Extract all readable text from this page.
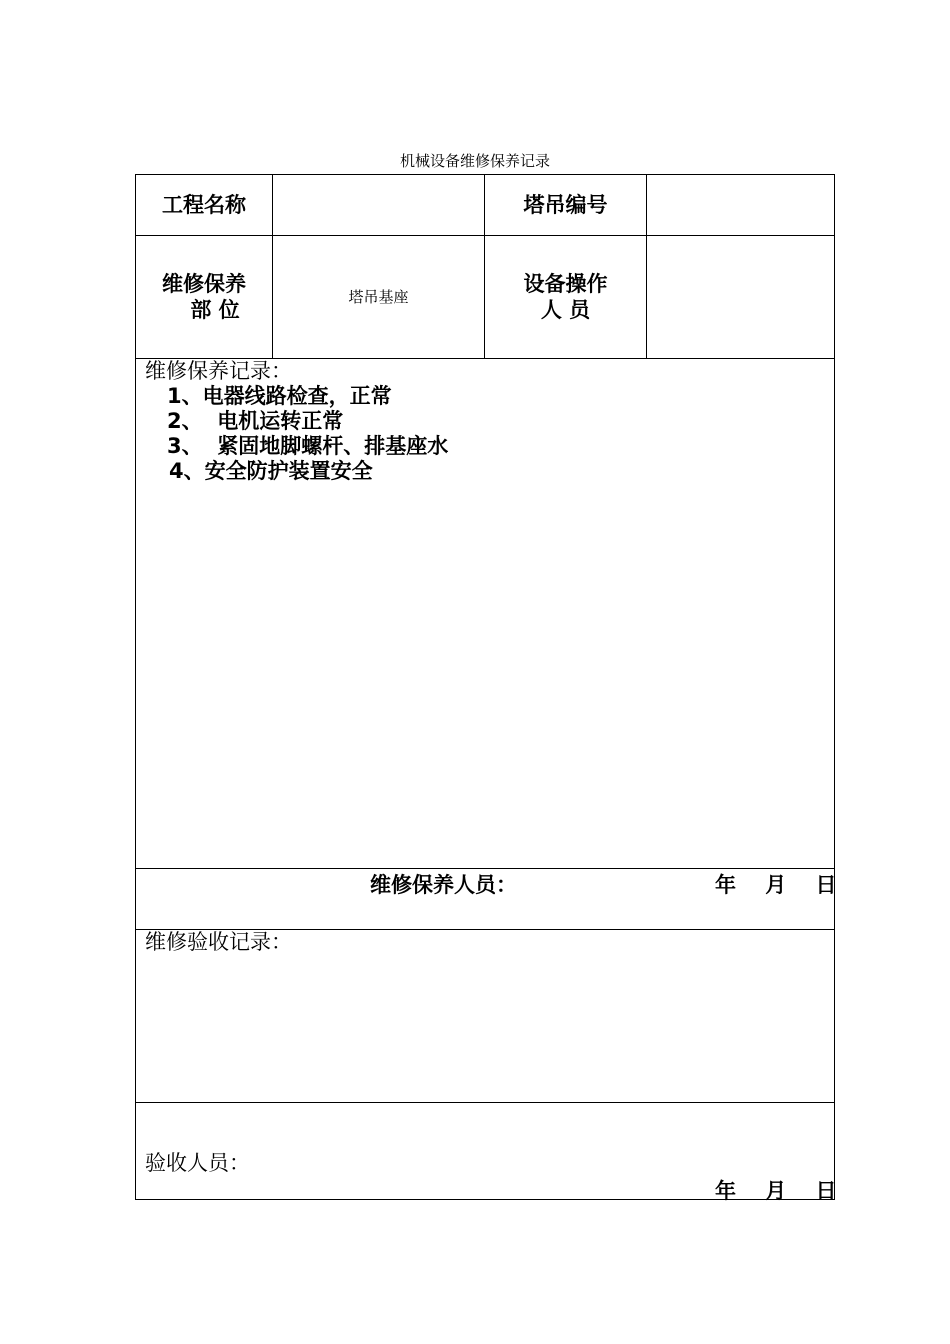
机械设备维修保养记录
工程名称	塔吊编号
维修保养
部 位
塔吊基座
设备操作
人 员
维修保养记录：
1、电器线路检查，正常
2、  电机运转正常
3、  紧固地脚螺杆、排基座水
4、安全防护装置安全
维修保养人员：	年    月    日
维修验收记录：
验收人员：
年    月    日
